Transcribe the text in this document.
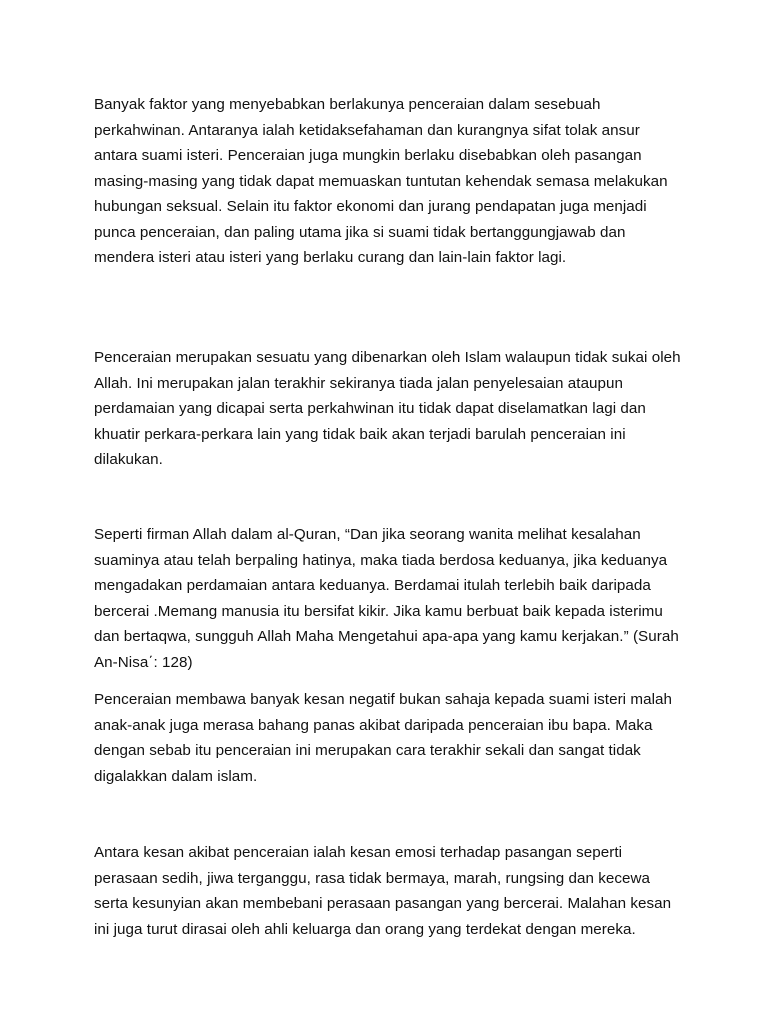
Banyak faktor yang menyebabkan berlakunya penceraian dalam sesebuah perkahwinan. Antaranya ialah ketidaksefahaman dan kurangnya sifat tolak ansur antara suami isteri. Penceraian juga mungkin berlaku disebabkan oleh pasangan masing-masing yang tidak dapat memuaskan tuntutan kehendak semasa melakukan hubungan seksual. Selain itu faktor ekonomi dan jurang pendapatan juga menjadi punca penceraian, dan paling utama jika si suami tidak bertanggungjawab dan mendera isteri atau isteri yang berlaku curang dan lain-lain faktor lagi.

Penceraian merupakan sesuatu yang dibenarkan oleh Islam walaupun tidak sukai oleh Allah. Ini merupakan jalan terakhir sekiranya tiada jalan penyelesaian ataupun perdamaian yang dicapai serta perkahwinan itu tidak dapat diselamatkan lagi dan khuatir perkara-perkara lain yang tidak baik akan terjadi barulah penceraian ini dilakukan.

Seperti firman Allah dalam al-Quran, “Dan jika seorang wanita melihat kesalahan suaminya atau telah berpaling hatinya, maka tiada berdosa keduanya, jika keduanya mengadakan perdamaian antara keduanya. Berdamai itulah terlebih baik daripada bercerai .Memang manusia itu bersifat kikir. Jika kamu berbuat baik kepada isterimu dan bertaqwa, sungguh Allah Maha Mengetahui apa-apa yang kamu kerjakan.” (Surah An-Nisa΄: 128)

Penceraian membawa banyak kesan negatif bukan sahaja kepada suami isteri malah anak-anak juga merasa bahang panas akibat daripada penceraian ibu bapa. Maka dengan sebab itu penceraian ini merupakan cara terakhir sekali dan sangat tidak digalakkan dalam islam.

Antara kesan akibat penceraian ialah kesan emosi terhadap pasangan seperti perasaan sedih, jiwa terganggu, rasa tidak bermaya, marah, rungsing dan kecewa serta kesunyian akan membebani perasaan pasangan yang bercerai. Malahan kesan ini juga turut dirasai oleh ahli keluarga dan orang yang terdekat dengan mereka.
